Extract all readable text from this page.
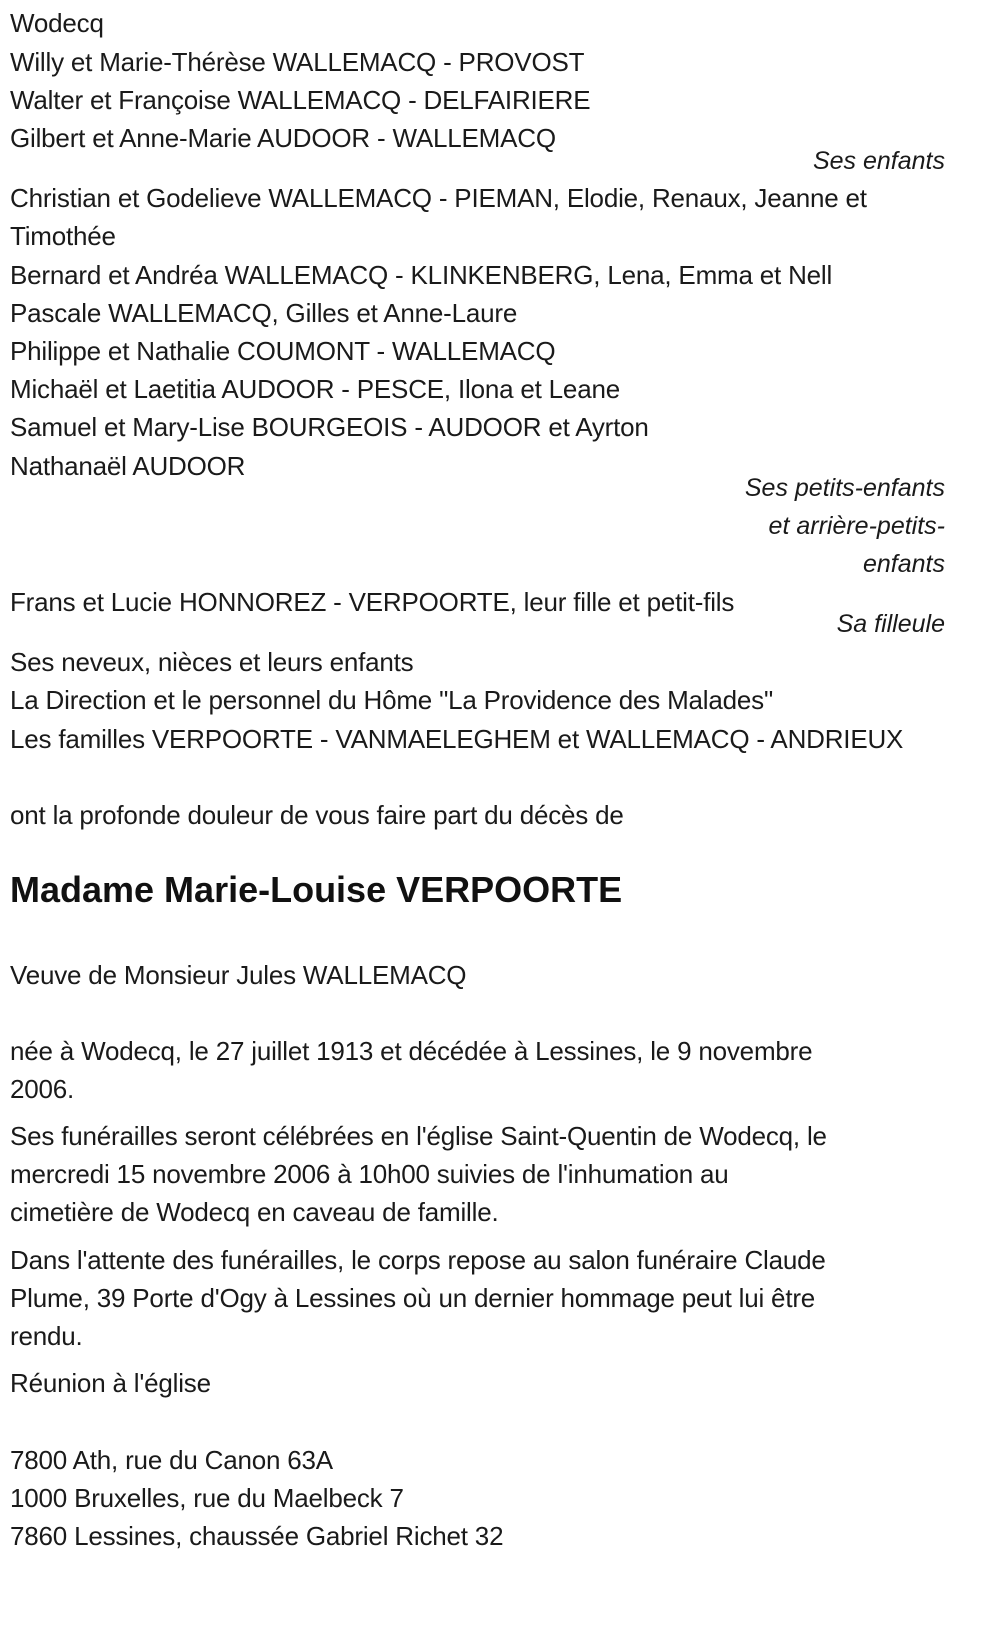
Wodecq
Willy et Marie-Thérèse WALLEMACQ - PROVOST
Walter et Françoise WALLEMACQ - DELFAIRIERE
Gilbert et Anne-Marie AUDOOR - WALLEMACQ
Ses enfants
Christian et Godelieve WALLEMACQ - PIEMAN, Elodie, Renaux, Jeanne et
Timothée
Bernard et Andréa WALLEMACQ - KLINKENBERG, Lena, Emma et Nell
Pascale WALLEMACQ, Gilles et Anne-Laure
Philippe et Nathalie COUMONT - WALLEMACQ
Michaël et Laetitia AUDOOR - PESCE, Ilona et Leane
Samuel et Mary-Lise BOURGEOIS - AUDOOR et Ayrton
Nathanaël AUDOOR
Ses petits-enfants
et arrière-petits-
enfants
Frans et Lucie HONNOREZ - VERPOORTE, leur fille et petit-fils
Sa filleule
Ses neveux, nièces et leurs enfants
La Direction et le personnel du Hôme "La Providence des Malades"
Les familles VERPOORTE - VANMAELEGHEM et WALLEMACQ - ANDRIEUX
ont la profonde douleur de vous faire part du décès de
Madame Marie-Louise VERPOORTE
Veuve de Monsieur Jules WALLEMACQ
née à Wodecq, le 27 juillet 1913 et décédée à Lessines, le 9 novembre
2006.
Ses funérailles seront célébrées en l'église Saint-Quentin de Wodecq, le
mercredi 15 novembre 2006 à 10h00 suivies de l'inhumation au
cimetière de Wodecq en caveau de famille.
Dans l'attente des funérailles, le corps repose au salon funéraire Claude
Plume, 39 Porte d'Ogy à Lessines où un dernier hommage peut lui être
rendu.
Réunion à l'église
7800 Ath, rue du Canon 63A
1000 Bruxelles, rue du Maelbeck 7
7860 Lessines, chaussée Gabriel Richet 32
